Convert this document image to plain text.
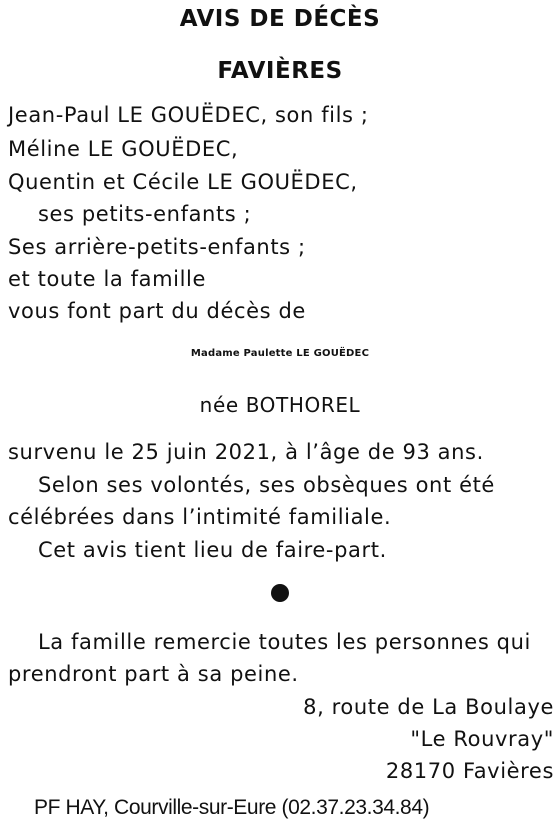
AVIS DE DÉCÈS
FAVIÈRES
Jean-Paul LE GOUËDEC, son fils ;
Méline LE GOUËDEC,
Quentin et Cécile LE GOUËDEC,
ses petits-enfants ;
Ses arrière-petits-enfants ;
et toute la famille
vous font part du décès de
Madame Paulette LE GOUËDEC
née BOTHOREL
survenu le 25 juin 2021, à l’âge de 93 ans.
Selon ses volontés, ses obsèques ont été
célébrées dans l’intimité familiale.
Cet avis tient lieu de faire-part.
La famille remercie toutes les personnes qui
prendront part à sa peine.
8, route de La Boulaye
"Le Rouvray"
28170 Favières
PF HAY, Courville-sur-Eure (02.37.23.34.84)
